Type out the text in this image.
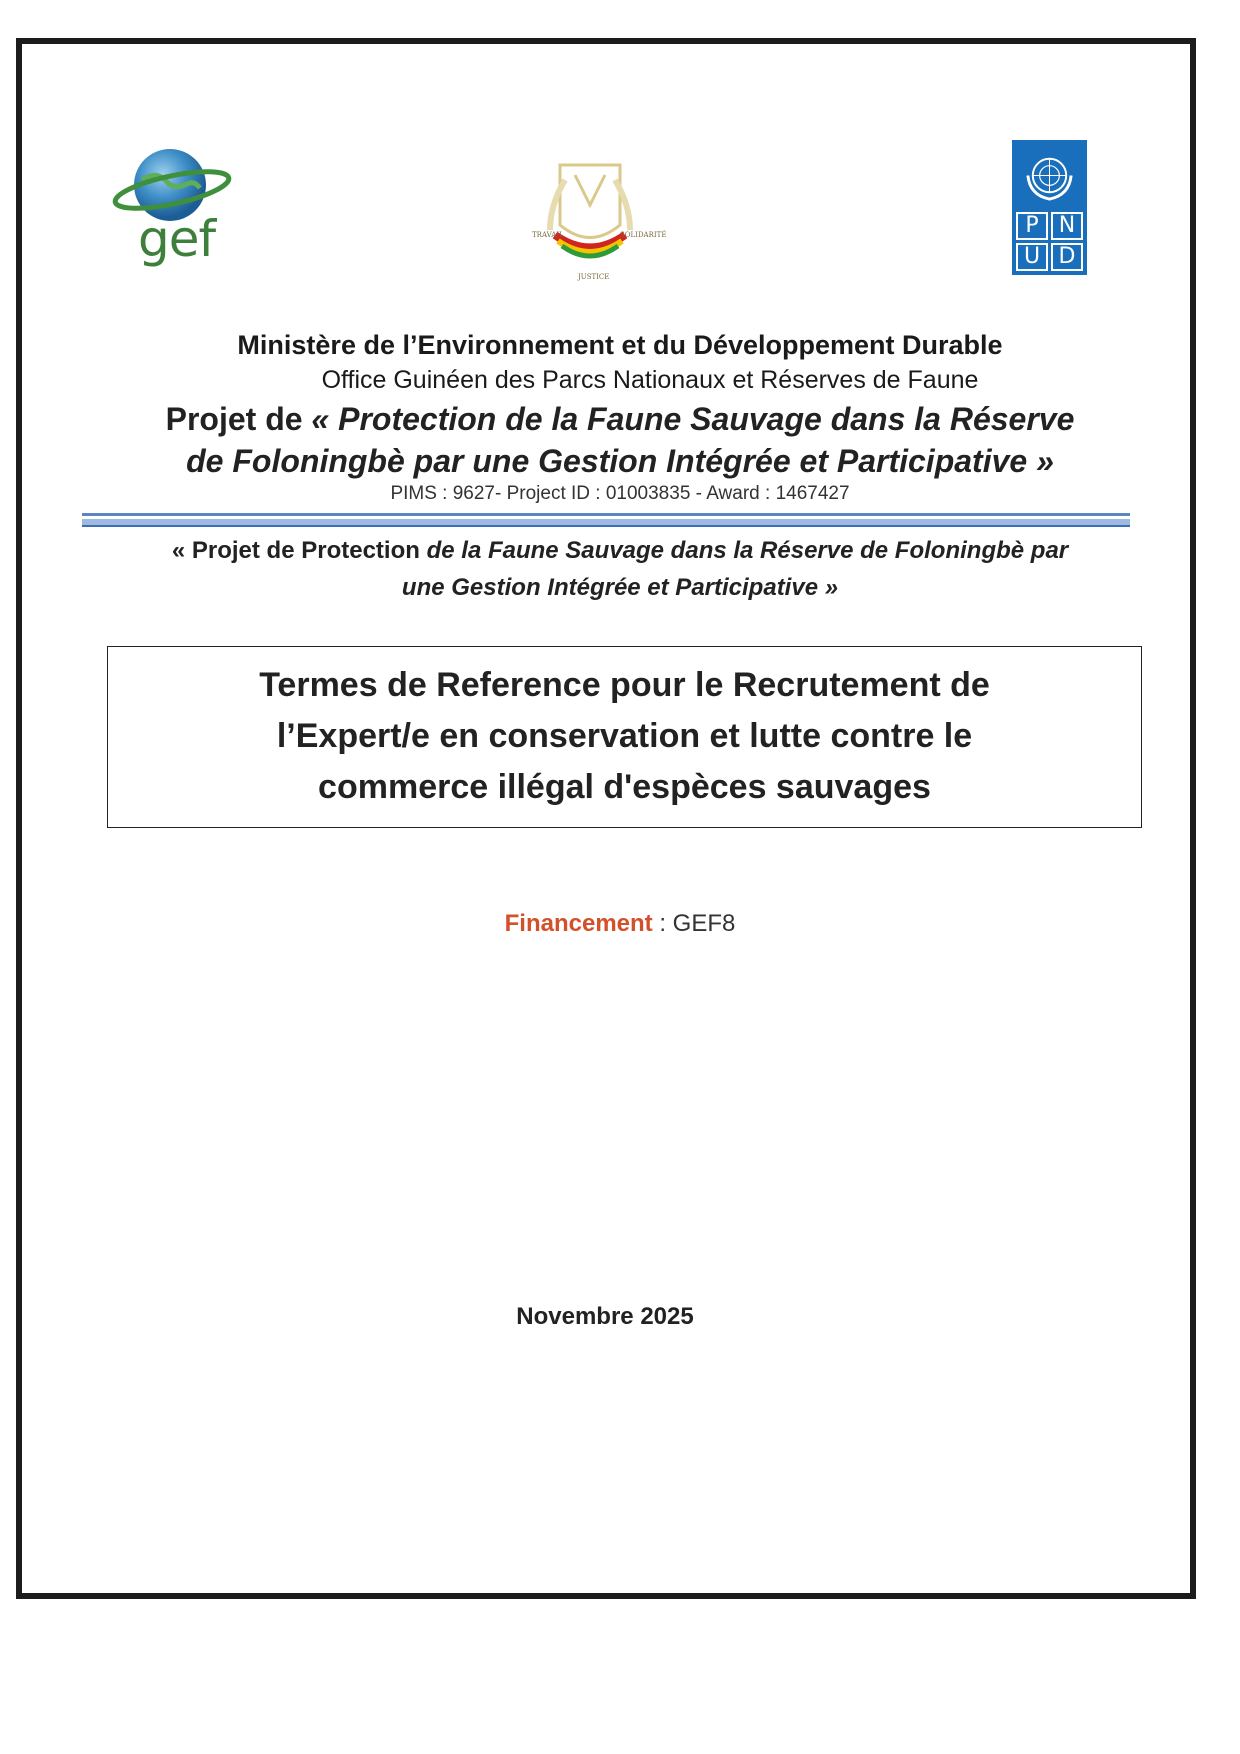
gef	TRAVAIL
JUSTICE
SOLIDARITÉ	P N
U D
Ministère de l’Environnement et du Développement Durable
Office Guinéen des Parcs Nationaux et Réserves de Faune
Projet de « Protection de la Faune Sauvage dans la Réserve
de Foloningbè par une Gestion Intégrée et Participative »
PIMS : 9627- Project ID : 01003835 - Award : 1467427
« Projet de Protection de la Faune Sauvage dans la Réserve de Foloningbè par
une Gestion Intégrée et Participative »
Termes de Reference pour le Recrutement de
l’Expert/e en conservation et lutte contre le
commerce illégal d'espèces sauvages
Financement : GEF8
Novembre 2025
